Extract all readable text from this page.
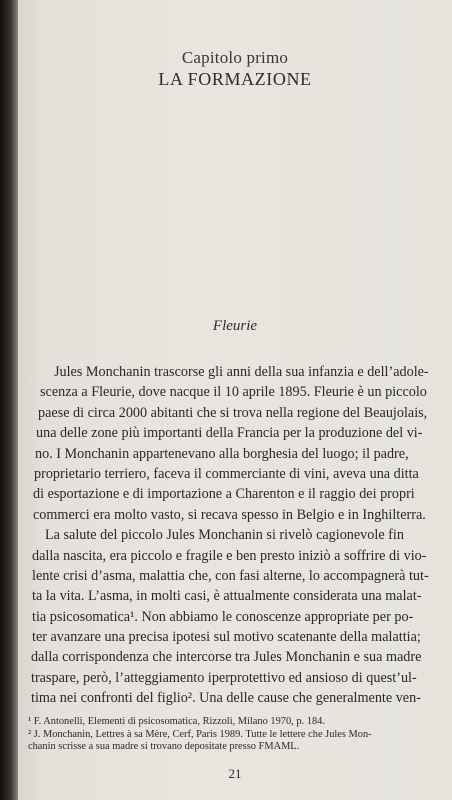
Capitolo primo
LA FORMAZIONE
Fleurie
Jules Monchanin trascorse gli anni della sua infanzia e dell’adole-
scenza a Fleurie, dove nacque il 10 aprile 1895. Fleurie è un piccolo
paese di circa 2000 abitanti che si trova nella regione del Beaujolais,
una delle zone più importanti della Francia per la produzione del vi-
no. I Monchanin appartenevano alla borghesia del luogo; il padre,
proprietario terriero, faceva il commerciante di vini, aveva una ditta
di esportazione e di importazione a Charenton e il raggio dei propri
commerci era molto vasto, si recava spesso in Belgio e in Inghilterra.
La salute del piccolo Jules Monchanin si rivelò cagionevole fin
dalla nascita, era piccolo e fragile e ben presto iniziò a soffrire di vio-
lente crisi d’asma, malattia che, con fasi alterne, lo accompagnerà tut-
ta la vita. L’asma, in molti casi, è attualmente considerata una malat-
tia psicosomatica¹. Non abbiamo le conoscenze appropriate per po-
ter avanzare una precisa ipotesi sul motivo scatenante della malattia;
dalla corrispondenza che intercorse tra Jules Monchanin e sua madre
traspare, però, l’atteggiamento iperprotettivo ed ansioso di quest’ul-
tima nei confronti del figlio². Una delle cause che generalmente ven-
¹ F. Antonelli, Elementi di psicosomatica, Rizzoli, Milano 1970, p. 184.
² J. Monchanin, Lettres à sa Mère, Cerf, Paris 1989. Tutte le lettere che Jules Mon-
chanin scrisse a sua madre si trovano depositate presso FMAML.
21
